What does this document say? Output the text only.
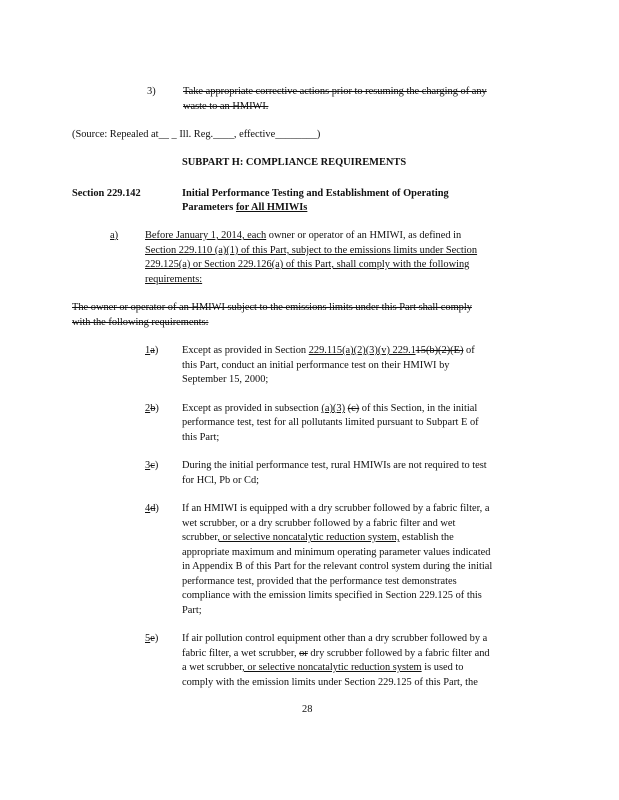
3)	Take appropriate corrective actions prior to resuming the charging of any
waste to an HMIWI.
(Source: Repealed at__ _ Ill. Reg.____, effective________)
SUBPART H: COMPLIANCE REQUIREMENTS
Section 229.142	Initial Performance Testing and Establishment of Operating
Parameters for All HMIWIs
a)	Before January 1, 2014, each owner or operator of an HMIWI, as defined in
Section 229.110 (a)(1) of this Part, subject to the emissions limits under Section
229.125(a) or Section 229.126(a) of this Part, shall comply with the following
requirements:
The owner or operator of an HMIWI subject to the emissions limits under this Part shall comply
with the following requirements:
1a) Except as provided in Section 229.115(a)(2)(3)(v) 229.115(b)(2)(E) of
this Part, conduct an initial performance test on their HMIWI by
September 15, 2000;
2b) Except as provided in subsection (a)(3) (c) of this Section, in the initial
performance test, test for all pollutants limited pursuant to Subpart E of
this Part;
3c) During the initial performance test, rural HMIWIs are not required to test
for HCl, Pb or Cd;
4d) If an HMIWI is equipped with a dry scrubber followed by a fabric filter, a
wet scrubber, or a dry scrubber followed by a fabric filter and wet
scrubber, or selective noncatalytic reduction system, establish the
appropriate maximum and minimum operating parameter values indicated
in Appendix B of this Part for the relevant control system during the initial
performance test, provided that the performance test demonstrates
compliance with the emission limits specified in Section 229.125 of this
Part;
5e) If air pollution control equipment other than a dry scrubber followed by a
fabric filter, a wet scrubber, or dry scrubber followed by a fabric filter and
a wet scrubber, or selective noncatalytic reduction system is used to
comply with the emission limits under Section 229.125 of this Part, the
28
